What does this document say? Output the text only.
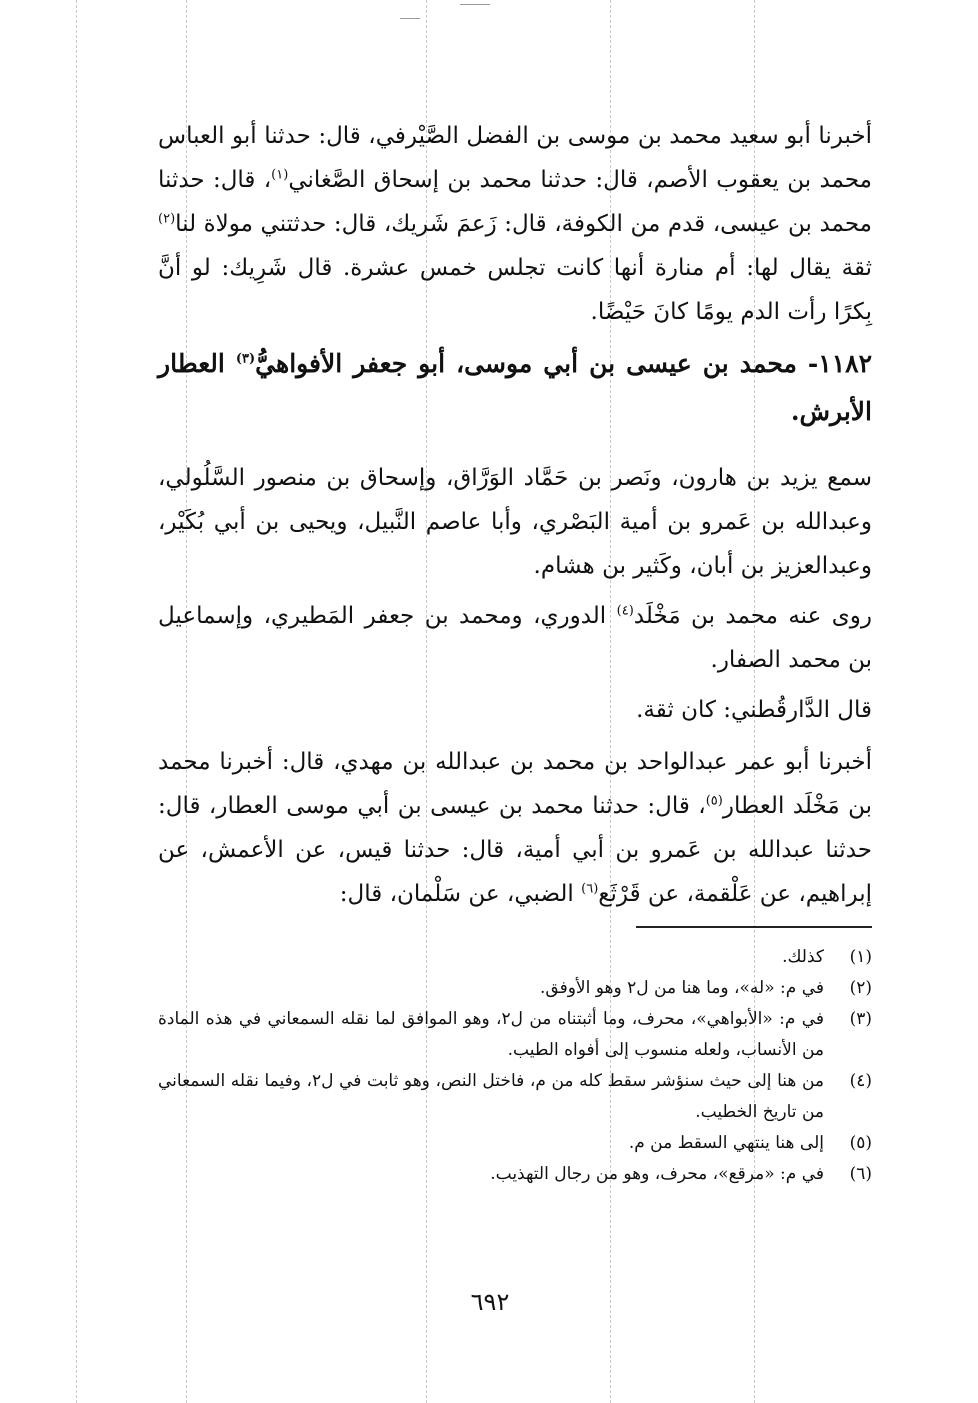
أخبرنا أبو سعيد محمد بن موسى بن الفضل الصَّيْرفي، قال: حدثنا أبو العباس محمد بن يعقوب الأصم، قال: حدثنا محمد بن إسحاق الصَّغاني$^{(١)}$، قال: حدثنا محمد بن عيسى، قدم من الكوفة، قال: زَعمَ شَريك، قال: حدثتني مولاة لنا$^{(٢)}$ ثقة يقال لها: أم منارة أنها كانت تجلس خمس عشرة. قال شَرِيك: لو أنَّ بِكرًا رأت الدم يومًا كانَ حَيْضًا.

١١٨٢- محمد بن عيسى بن أبي موسى، أبو جعفر الأفواهيُّ$^{(٣)}$ العطار الأبرش.

سمع يزيد بن هارون، ونَصر بن حَمَّاد الوَرَّاق، وإسحاق بن منصور السَّلُولي، وعبدالله بن عَمرو بن أمية البَصْري، وأبا عاصم النَّبيل، ويحيى بن أبي بُكَيْر، وعبدالعزيز بن أبان، وكَثير بن هشام.

روى عنه محمد بن مَخْلَد$^{(٤)}$ الدوري، ومحمد بن جعفر المَطيري، وإسماعيل بن محمد الصفار.

قال الدَّارقُطني: كان ثقة.

أخبرنا أبو عمر عبدالواحد بن محمد بن عبدالله بن مهدي، قال: أخبرنا محمد بن مَخْلَد العطار$^{(٥)}$، قال: حدثنا محمد بن عيسى بن أبي موسى العطار، قال: حدثنا عبدالله بن عَمرو بن أبي أمية، قال: حدثنا قيس، عن الأعمش، عن إبراهيم، عن عَلْقمة، عن قَرْثَع$^{(٦)}$ الضبي، عن سَلْمان، قال:

(١)
كذلك.
(٢)
في م: «له»، وما هنا من ل٢ وهو الأوفق.
(٣)
في م: «الأبواهي»، محرف، وما أثبتناه من ل٢، وهو الموافق لما نقله السمعاني في هذه المادة من الأنساب، ولعله منسوب إلى أفواه الطيب.
(٤)
من هنا إلى حيث سنؤشر سقط كله من م، فاختل النص، وهو ثابت في ل٢، وفيما نقله السمعاني من تاريخ الخطيب.
(٥)
إلى هنا ينتهي السقط من م.
(٦)
في م: «مرقع»، محرف، وهو من رجال التهذيب.
٦٩٢
